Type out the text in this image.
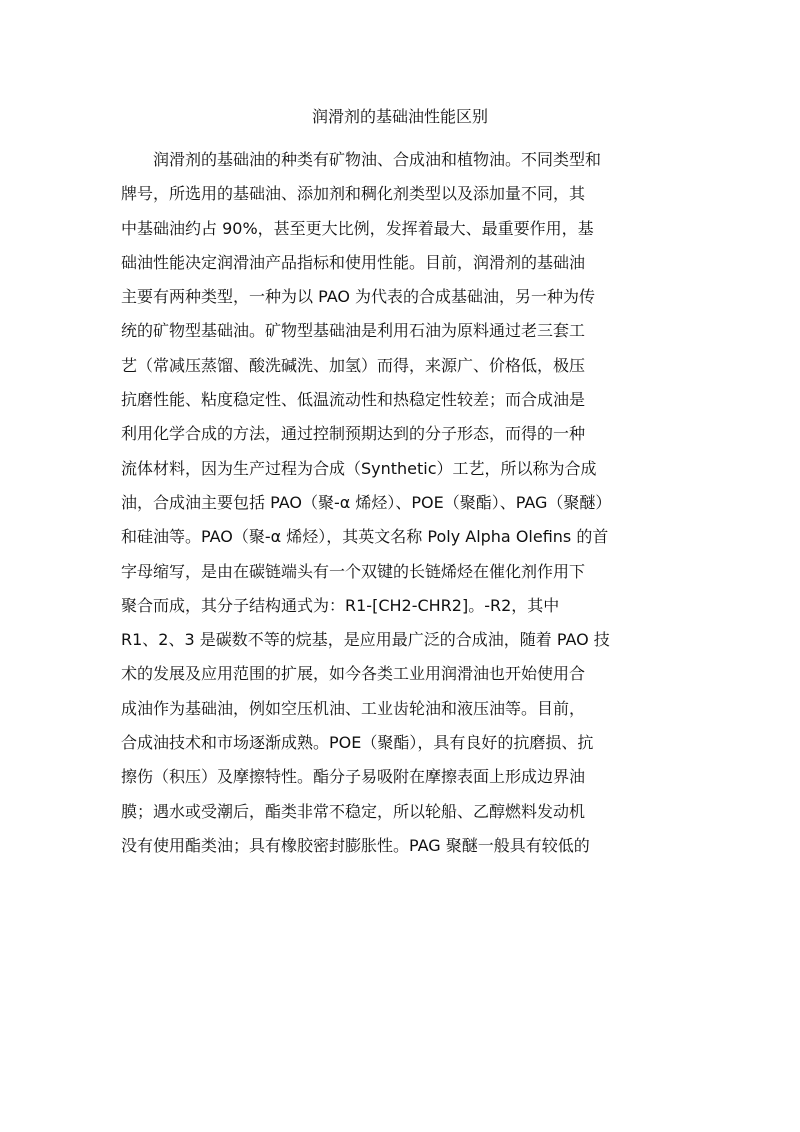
润滑剂的基础油性能区别
润滑剂的基础油的种类有矿物油、合成油和植物油。不同类型和
牌号，所选用的基础油、添加剂和稠化剂类型以及添加量不同，其
中基础油约占 90%，甚至更大比例，发挥着最大、最重要作用，基
础油性能决定润滑油产品指标和使用性能。目前，润滑剂的基础油
主要有两种类型，一种为以 PAO 为代表的合成基础油，另一种为传
统的矿物型基础油。矿物型基础油是利用石油为原料通过老三套工
艺（常减压蒸馏、酸洗碱洗、加氢）而得，来源广、价格低，极压
抗磨性能、粘度稳定性、低温流动性和热稳定性较差；而合成油是
利用化学合成的方法，通过控制预期达到的分子形态，而得的一种
流体材料，因为生产过程为合成（Synthetic）工艺，所以称为合成
油，合成油主要包括 PAO（聚-α 烯烃）、POE（聚酯）、PAG（聚醚）
和硅油等。PAO（聚-α 烯烃），其英文名称 Poly Alpha Olefins 的首
字母缩写，是由在碳链端头有一个双键的长链烯烃在催化剂作用下
聚合而成，其分子结构通式为：R1-[CH2-CHR2]。-R2，其中
R1、2、3 是碳数不等的烷基，是应用最广泛的合成油，随着 PAO 技
术的发展及应用范围的扩展，如今各类工业用润滑油也开始使用合
成油作为基础油，例如空压机油、工业齿轮油和液压油等。目前，
合成油技术和市场逐渐成熟。POE（聚酯），具有良好的抗磨损、抗
擦伤（积压）及摩擦特性。酯分子易吸附在摩擦表面上形成边界油
膜；遇水或受潮后，酯类非常不稳定，所以轮船、乙醇燃料发动机
没有使用酯类油；具有橡胶密封膨胀性。PAG 聚醚一般具有较低的
